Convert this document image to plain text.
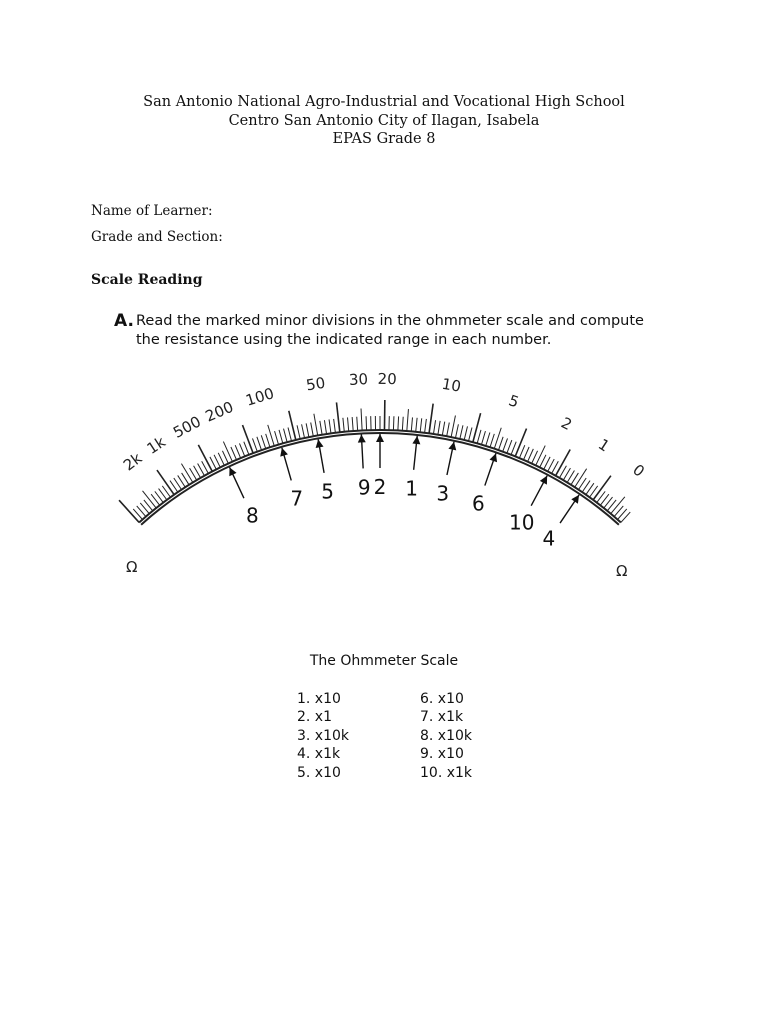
San Antonio National Agro-Industrial and Vocational High School
Centro San Antonio City of Ilagan, Isabela
EPAS Grade 8
Name of Learner:
Grade and Section:
Scale Reading
A. Read the marked minor divisions in the ohmmeter scale and compute
the resistance using the indicated range in each number.
2k
1k
500
200
100
50 30 20	10
5
2
1
0
1
2	3
4
5	6
7
8
9
10
Ω	Ω
The Ohmmeter Scale
1. x10
2. x1
3. x10k
4. x1k
5. x10
6. x10
7. x1k
8. x10k
9. x10
10. x1k
